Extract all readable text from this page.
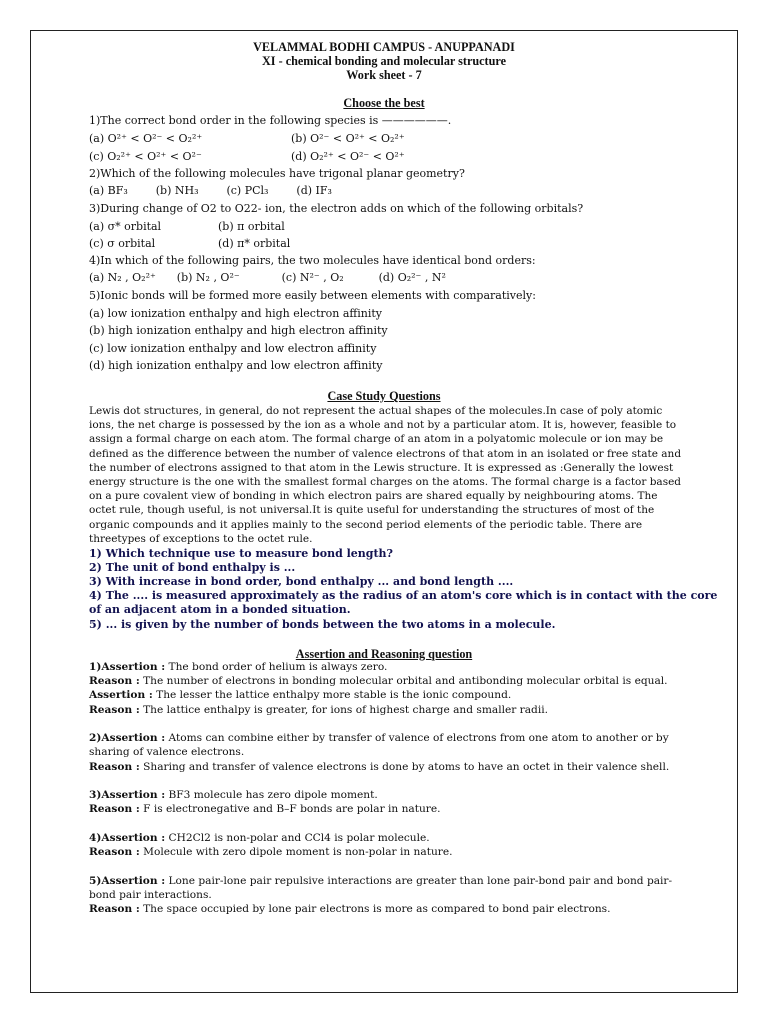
VELAMMAL BODHI CAMPUS - ANUPPANADI
XI - chemical bonding and molecular structure
Work sheet - 7
Choose the best
1)The correct bond order in the following species is ——————.
(a) O²⁺ < O²⁻ < O₂²⁺	(b) O²⁻ < O²⁺ < O₂²⁺
(c) O₂²⁺ < O²⁺ < O²⁻	(d) O₂²⁺ < O²⁻ < O²⁺
2)Which of the following molecules have trigonal planar geometry?
(a) BF₃        (b) NH₃        (c) PCl₃        (d) IF₃
3)During change of O2 to O22- ion, the electron adds on which of the following orbitals?
(a) σ* orbital	(b) π orbital
(c) σ orbital	(d) π* orbital
4)In which of the following pairs, the two molecules have identical bond orders:
(a) N₂ , O₂²⁺      (b) N₂ , O²⁻            (c) N²⁻ , O₂          (d) O₂²⁻ , N²
5)Ionic bonds will be formed more easily between elements with comparatively:
(a) low ionization enthalpy and high electron affinity
(b) high ionization enthalpy and high electron affinity
(c) low ionization enthalpy and low electron affinity
(d) high ionization enthalpy and low electron affinity
Case Study Questions
Lewis dot structures, in general, do not represent the actual shapes of the molecules.In case of poly atomic
ions, the net charge is possessed by the ion as a whole and not by a particular atom. It is, however, feasible to
assign a formal charge on each atom. The formal charge of an atom in a polyatomic molecule or ion may be
defined as the difference between the number of valence electrons of that atom in an isolated or free state and
the number of electrons assigned to that atom in the Lewis structure. It is expressed as :Generally the lowest
energy structure is the one with the smallest formal charges on the atoms. The formal charge is a factor based
on a pure covalent view of bonding in which electron pairs are shared equally by neighbouring atoms. The
octet rule, though useful, is not universal.It is quite useful for understanding the structures of most of the
organic compounds and it applies mainly to the second period elements of the periodic table. There are
threetypes of exceptions to the octet rule.
1) Which technique use to measure bond length?
2) The unit of bond enthalpy is ...
3) With increase in bond order, bond enthalpy ... and bond length ....
4) The .... is measured approximately as the radius of an atom's core which is in contact with the core
of an adjacent atom in a bonded situation.
5) ... is given by the number of bonds between the two atoms in a molecule.
Assertion and Reasoning question
1)Assertion : The bond order of helium is always zero.
Reason : The number of electrons in bonding molecular orbital and antibonding molecular orbital is equal.
Assertion : The lesser the lattice enthalpy more stable is the ionic compound.
Reason : The lattice enthalpy is greater, for ions of highest charge and smaller radii.
2)Assertion : Atoms can combine either by transfer of valence of electrons from one atom to another or by
sharing of valence electrons.
Reason : Sharing and transfer of valence electrons is done by atoms to have an octet in their valence shell.
3)Assertion : BF3 molecule has zero dipole moment.
Reason : F is electronegative and B–F bonds are polar in nature.
4)Assertion : CH2Cl2 is non-polar and CCl4 is polar molecule.
Reason : Molecule with zero dipole moment is non-polar in nature.
5)Assertion : Lone pair-lone pair repulsive interactions are greater than lone pair-bond pair and bond pair-
bond pair interactions.
Reason : The space occupied by lone pair electrons is more as compared to bond pair electrons.
